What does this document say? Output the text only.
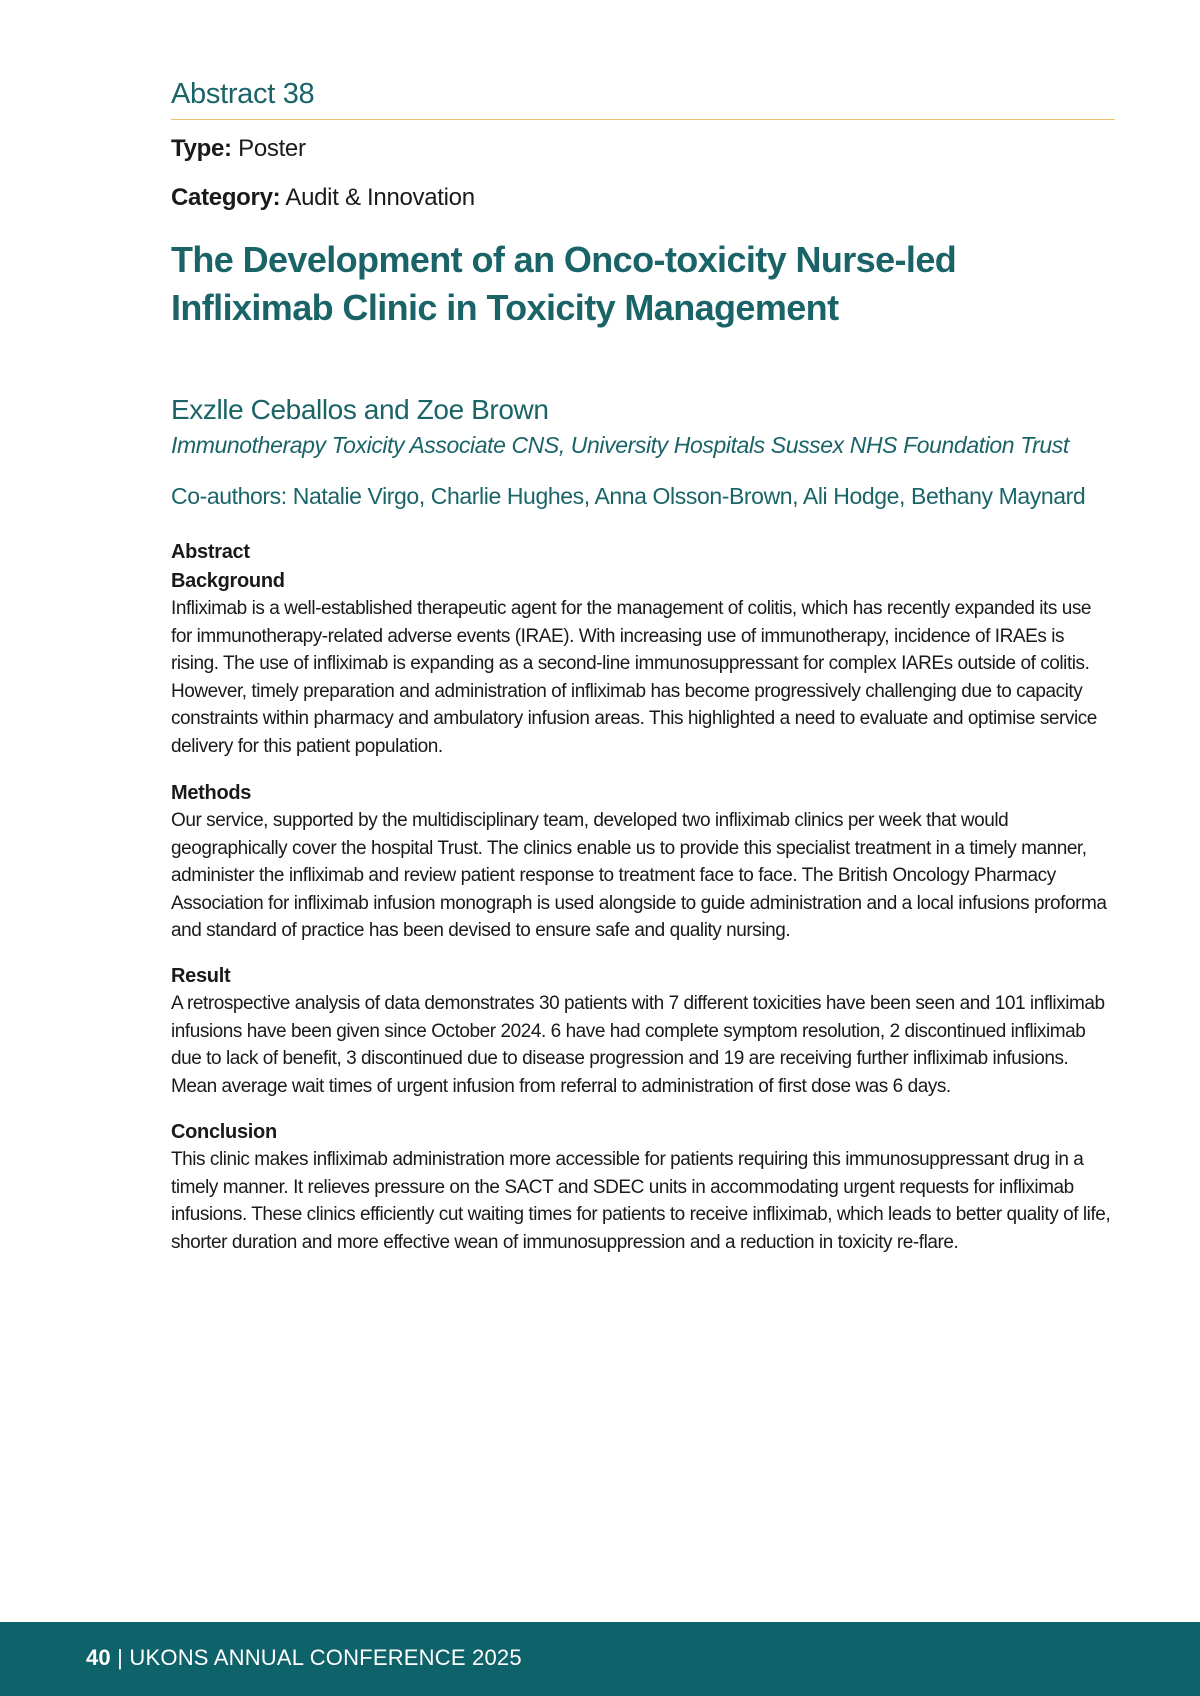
Abstract 38
Type: Poster
Category: Audit & Innovation
The Development of an Onco-toxicity Nurse-led Infliximab Clinic in Toxicity Management
Exzlle Ceballos and Zoe Brown
Immunotherapy Toxicity Associate CNS, University Hospitals Sussex NHS Foundation Trust
Co-authors: Natalie Virgo, Charlie Hughes, Anna Olsson-Brown, Ali Hodge, Bethany Maynard
Abstract
Background

Infliximab is a well-established therapeutic agent for the management of colitis, which has recently expanded its use for immunotherapy-related adverse events (IRAE). With increasing use of immunotherapy, incidence of IRAEs is rising. The use of infliximab is expanding as a second-line immunosuppressant for complex IAREs outside of colitis. However, timely preparation and administration of infliximab has become progressively challenging due to capacity constraints within pharmacy and ambulatory infusion areas. This highlighted a need to evaluate and optimise service delivery for this patient population.

Methods

Our service, supported by the multidisciplinary team, developed two infliximab clinics per week that would geographically cover the hospital Trust. The clinics enable us to provide this specialist treatment in a timely manner, administer the infliximab and review patient response to treatment face to face. The British Oncology Pharmacy Association for infliximab infusion monograph is used alongside to guide administration and a local infusions proforma and standard of practice has been devised to ensure safe and quality nursing.

Result

A retrospective analysis of data demonstrates 30 patients with 7 different toxicities have been seen and 101 infliximab infusions have been given since October 2024. 6 have had complete symptom resolution, 2 discontinued infliximab due to lack of benefit, 3 discontinued due to disease progression and 19 are receiving further infliximab infusions. Mean average wait times of urgent infusion from referral to administration of first dose was 6 days.

Conclusion

This clinic makes infliximab administration more accessible for patients requiring this immunosuppressant drug in a timely manner. It relieves pressure on the SACT and SDEC units in accommodating urgent requests for infliximab infusions. These clinics efficiently cut waiting times for patients to receive infliximab, which leads to better quality of life, shorter duration and more effective wean of immunosuppression and a reduction in toxicity re-flare.

40 | UKONS ANNUAL CONFERENCE 2025
